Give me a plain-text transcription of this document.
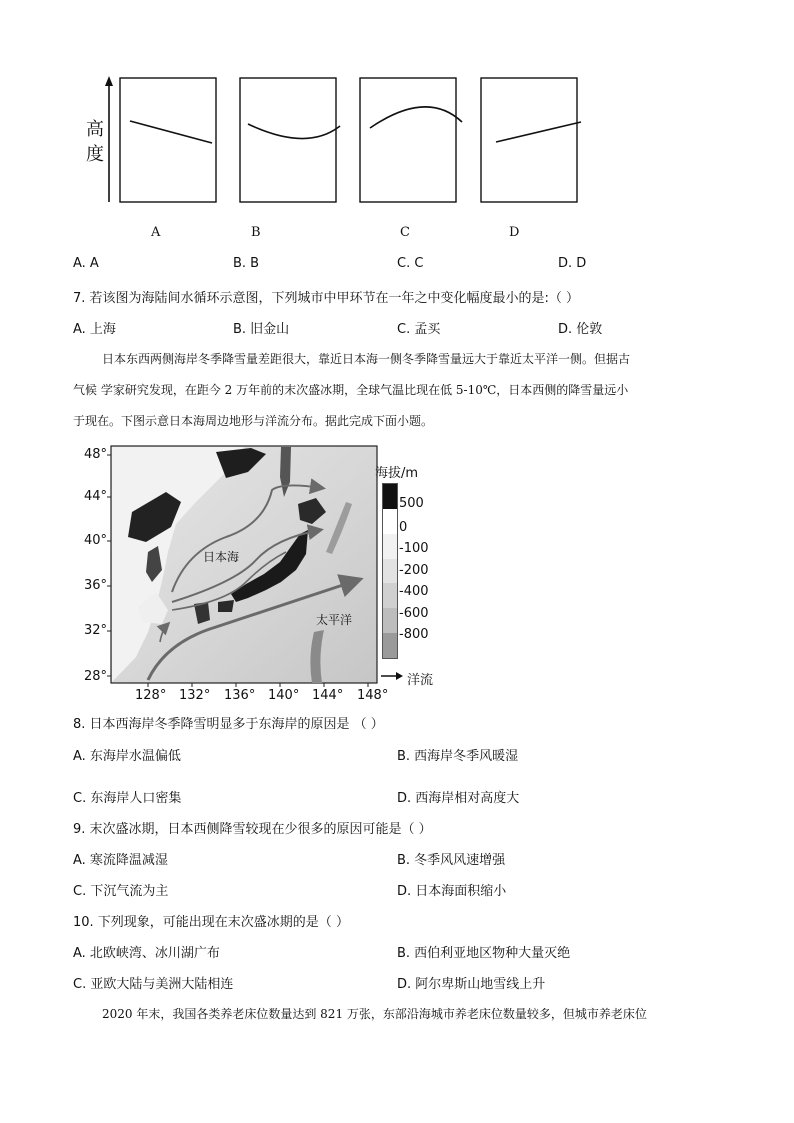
高
度
A	B	C	D
A. A	B. B	C. C	D. D
7. 若该图为海陆间水循环示意图，下列城市中甲环节在一年之中变化幅度最小的是:（ ）
A. 上海	B. 旧金山	C. 孟买	D. 伦敦
日本东西两侧海岸冬季降雪量差距很大，靠近日本海一侧冬季降雪量远大于靠近太平洋一侧。但据古
气候 学家研究发现，在距今 2 万年前的末次盛冰期，全球气温比现在低 5-10℃，日本西侧的降雪量远小
于现在。下图示意日本海周边地形与洋流分布。据此完成下面小题。
48°
44°
40°
36°
32°
28°
128° 132° 136° 140° 144° 148°
日本海
太平洋
海拔/m
500
0
-100
-200
-400
-600
-800
洋流
8. 日本西海岸冬季降雪明显多于东海岸的原因是 （ ）
A. 东海岸水温偏低	B. 西海岸冬季风暖湿
C. 东海岸人口密集	D. 西海岸相对高度大
9. 末次盛冰期，日本西侧降雪较现在少很多的原因可能是（ ）
A. 寒流降温减湿	B. 冬季风风速增强
C. 下沉气流为主	D. 日本海面积缩小
10. 下列现象，可能出现在末次盛冰期的是（ ）
A. 北欧峡湾、冰川湖广布	B. 西伯利亚地区物种大量灭绝
C. 亚欧大陆与美洲大陆相连	D. 阿尔卑斯山地雪线上升
2020 年末，我国各类养老床位数量达到 821 万张，东部沿海城市养老床位数量较多，但城市养老床位
